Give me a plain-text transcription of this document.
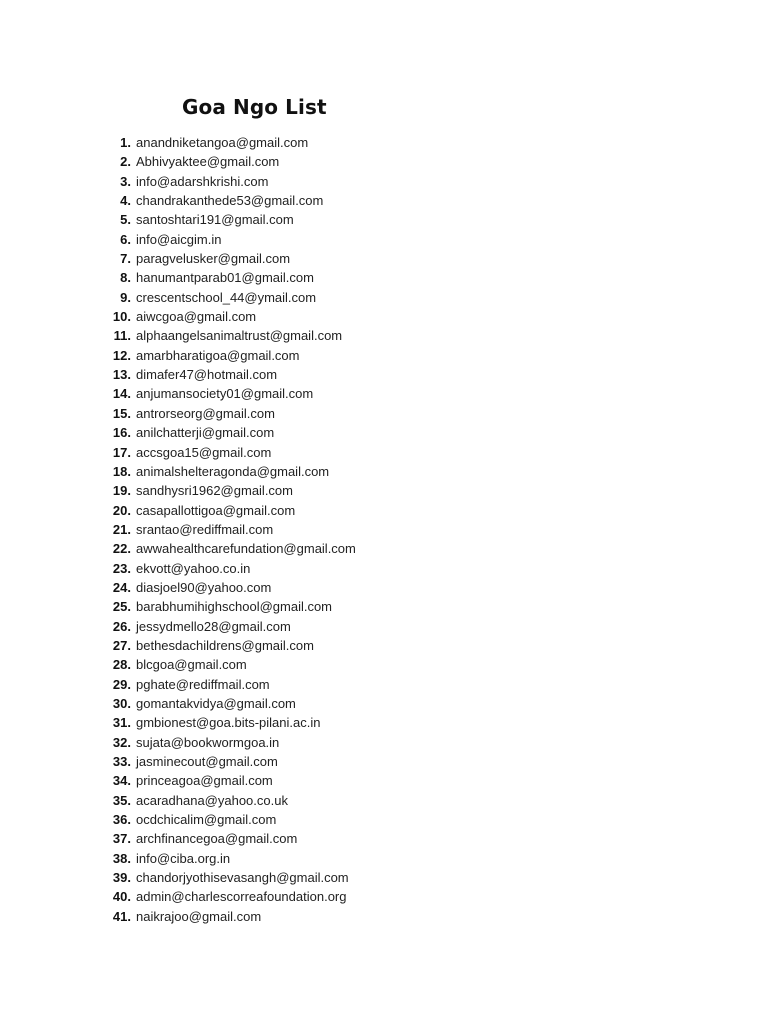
Goa Ngo List
1. anandniketangoa@gmail.com
2. Abhivyaktee@gmail.com
3. info@adarshkrishi.com
4. chandrakanthede53@gmail.com
5. santoshtari191@gmail.com
6. info@aicgim.in
7. paragvelusker@gmail.com
8. hanumantparab01@gmail.com
9. crescentschool_44@ymail.com
10. aiwcgoa@gmail.com
11. alphaangelsanimaltrust@gmail.com
12. amarbharatigoa@gmail.com
13. dimafer47@hotmail.com
14. anjumansociety01@gmail.com
15. antrorseorg@gmail.com
16. anilchatterji@gmail.com
17. accsgoa15@gmail.com
18. animalshelteragonda@gmail.com
19. sandhysri1962@gmail.com
20. casapallottigoa@gmail.com
21. srantao@rediffmail.com
22. awwahealthcarefundation@gmail.com
23. ekvott@yahoo.co.in
24. diasjoel90@yahoo.com
25. barabhumihighschool@gmail.com
26. jessydmello28@gmail.com
27. bethesdachildrens@gmail.com
28. blcgoa@gmail.com
29. pghate@rediffmail.com
30. gomantakvidya@gmail.com
31. gmbionest@goa.bits-pilani.ac.in
32. sujata@bookwormgoa.in
33. jasminecout@gmail.com
34. princeagoa@gmail.com
35. acaradhana@yahoo.co.uk
36. ocdchicalim@gmail.com
37. archfinancegoa@gmail.com
38. info@ciba.org.in
39. chandorjyothisevasangh@gmail.com
40. admin@charlescorreafoundation.org
41. naikrajoo@gmail.com
